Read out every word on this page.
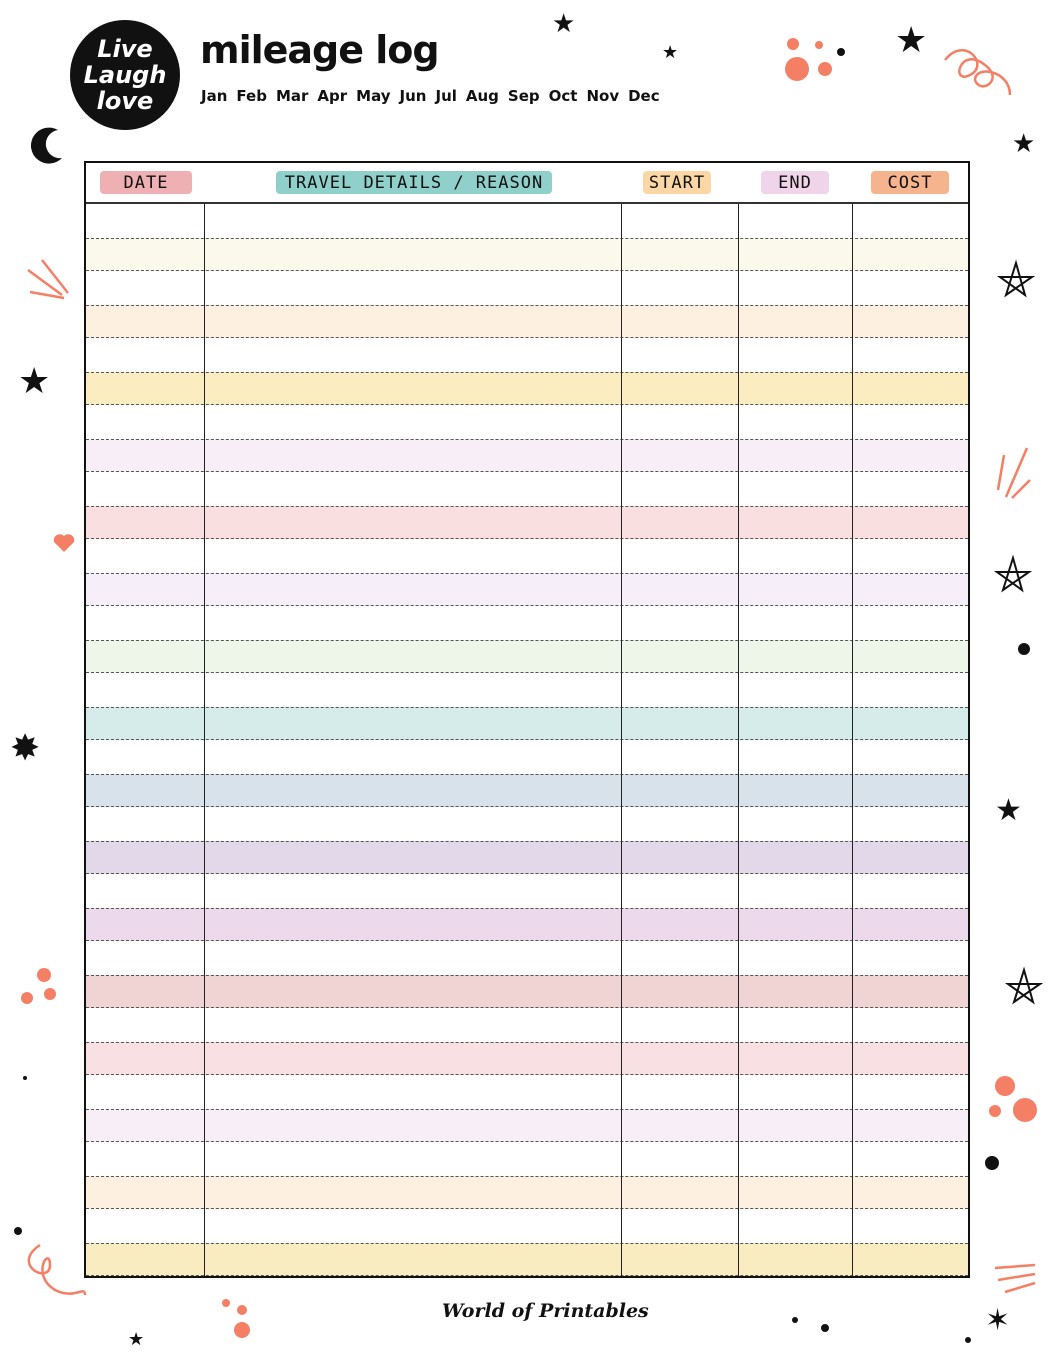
Live
Laugh
love
mileage log
Jan Feb Mar Apr May Jun Jul Aug Sep Oct Nov Dec
DATE	TRAVEL DETAILS / REASON	START	END	COST
★
★	★
★
★
★
★
✸
✶
World of Printables
